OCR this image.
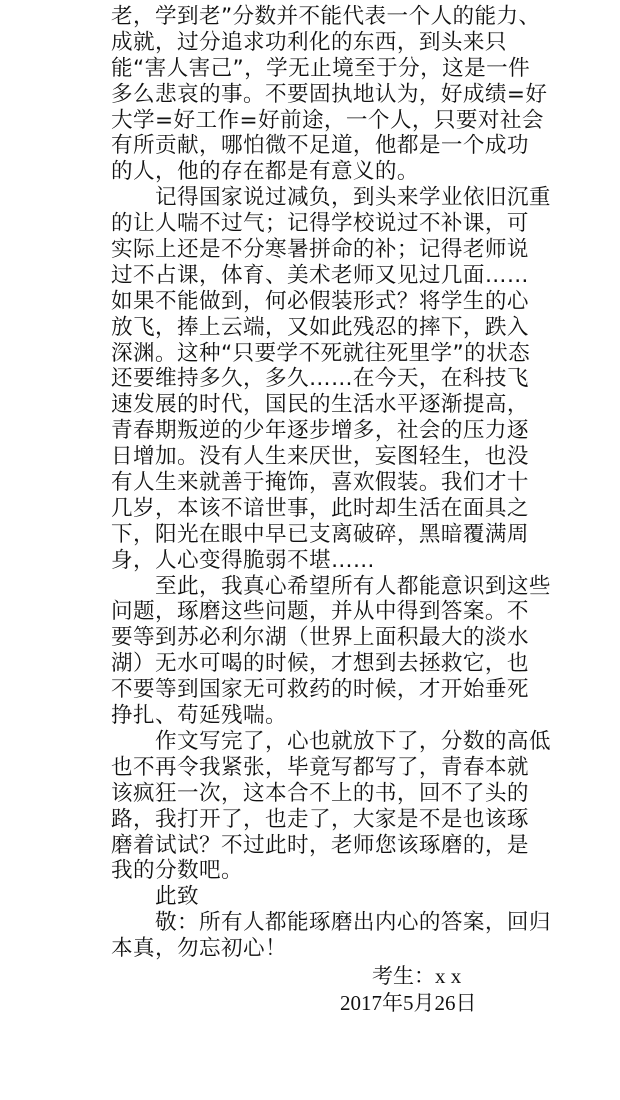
老，学到老”分数并不能代表一个人的能力、
成就，过分追求功利化的东西，到头来只
能“害人害己”，学无止境至于分，这是一件
多么悲哀的事。不要固执地认为，好成绩=好
大学=好工作=好前途，一个人，只要对社会
有所贡献，哪怕微不足道，他都是一个成功
的人，他的存在都是有意义的。
　　记得国家说过减负，到头来学业依旧沉重
的让人喘不过气；记得学校说过不补课，可
实际上还是不分寒暑拼命的补；记得老师说
过不占课，体育、美术老师又见过几面……
如果不能做到，何必假装形式？将学生的心
放飞，捧上云端，又如此残忍的摔下，跌入
深渊。这种“只要学不死就往死里学”的状态
还要维持多久，多久……在今天，在科技飞
速发展的时代，国民的生活水平逐渐提高，
青春期叛逆的少年逐步增多，社会的压力逐
日增加。没有人生来厌世，妄图轻生，也没
有人生来就善于掩饰，喜欢假装。我们才十
几岁，本该不谙世事，此时却生活在面具之
下，阳光在眼中早已支离破碎，黑暗覆满周
身，人心变得脆弱不堪……
　　至此，我真心希望所有人都能意识到这些
问题，琢磨这些问题，并从中得到答案。不
要等到苏必利尔湖（世界上面积最大的淡水
湖）无水可喝的时候，才想到去拯救它，也
不要等到国家无可救药的时候，才开始垂死
挣扎、苟延残喘。
　　作文写完了，心也就放下了，分数的高低
也不再令我紧张，毕竟写都写了，青春本就
该疯狂一次，这本合不上的书，回不了头的
路，我打开了，也走了，大家是不是也该琢
磨着试试？不过此时，老师您该琢磨的，是
我的分数吧。
　　此致
　　敬：所有人都能琢磨出内心的答案，回归
本真，勿忘初心！
考生：x x
2017年5月26日
